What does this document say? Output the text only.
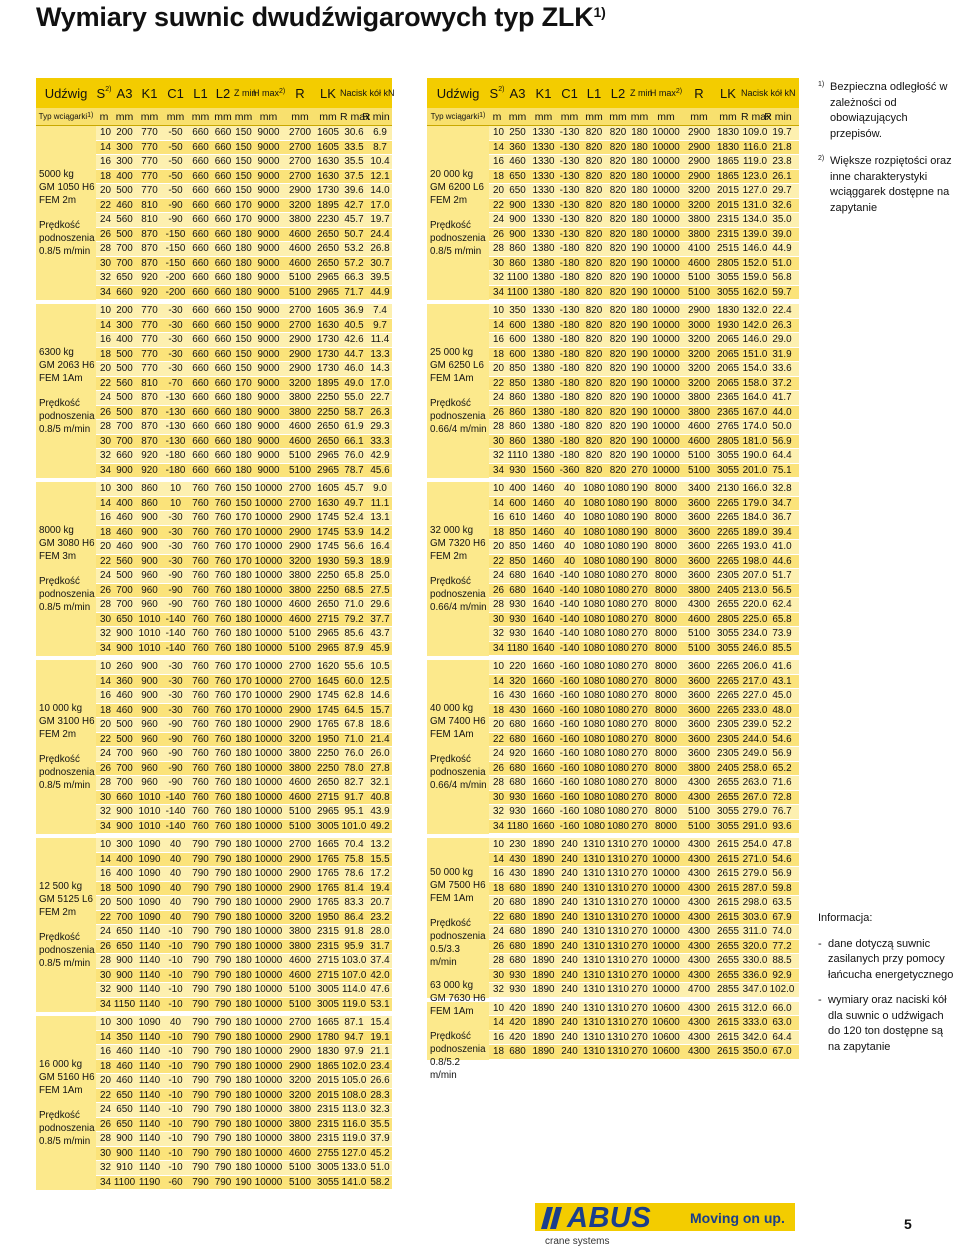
Wymiary suwnic dwudźwigarowych typ ZLK$^{1)}$
Udźwig $S^{2)}$ A3 K1 C1 L1 L2 Z min
H $\max^{2)} R$	LK Nacisk kół kN
Typ wciągarki$^{1)}$ m mm mm mm mm mm mm mm	mm	mm R max
R min
5000 kg
GM 1050 H6
FEM 2m
Prędkość podnoszenia
0.8/5 m/min
10 200 770	-50 660 660 150 9000 2700 1605 30.6 6.9
14 300 770	-50 660 660 150 9000 2700 1605 33.5 8.7
16 300 770	-50 660 660 150 9000 2700 1630 35.5 10.4
18 400 770	-50 660 660 150 9000 2700 1630 37.5 12.1
20 500 770	-50 660 660 150 9000 2900 1730 39.6 14.0
22 460 810	-90 660 660 170 9000 3200 1895 42.7 17.0
24 560 810	-90 660 660 170 9000 3800 2230 45.7 19.7
26 500 870 -150 660 660 180 9000 4600 2650 50.7 24.4
28 700 870 -150 660 660 180 9000 4600 2650 53.2 26.8
30 700 870 -150 660 660 180 9000 4600 2650 57.2 30.7
32 650 920 -200 660 660 180 9000 5100 2965 66.3 39.5
34 660 920 -200 660 660 180 9000 5100 2965 71.7 44.9
6300 kg
GM 2063 H6
FEM 1Am
Prędkość podnoszenia
0.8/5 m/min
10 200 770	-30 660 660 150 9000 2700 1605 36.9 7.4
14 300 770	-30 660 660 150 9000 2700 1630 40.5 9.7
16 400 770	-30 660 660 150 9000 2900 1730 42.6 11.4
18 500 770	-30 660 660 150 9000 2900 1730 44.7 13.3
20 500 770	-30 660 660 150 9000 2900 1730 46.0 14.3
22 560 810	-70 660 660 170 9000 3200 1895 49.0 17.0
24 500 870 -130 660 660 180 9000 3800 2250 55.0 22.7
26 500 870 -130 660 660 180 9000 3800 2250 58.7 26.3
28 700 870 -130 660 660 180 9000 4600 2650 61.9 29.3
30 700 870 -130 660 660 180 9000 4600 2650 66.1 33.3
32 660 920 -180 660 660 180 9000 5100 2965 76.0 42.9
34 900 920 -180 660 660 180 9000 5100 2965 78.7 45.6
8000 kg
GM 3080 H6
FEM 3m
Prędkość podnoszenia
0.8/5 m/min
10 300 860	10	760 760 150 10000 2700 1605 45.7 9.0
14 400 860	10	760 760 150 10000 2700 1630 49.7 11.1
16 460 900	-30 760 760 170 10000 2900 1745 52.4 13.1
18 460 900	-30 760 760 170 10000 2900 1745 53.9 14.2
20 460 900	-30 760 760 170 10000 2900 1745 56.6 16.4
22 560 900	-30 760 760 170 10000 3200 1930 59.3 18.9
24 500 960	-90 760 760 180 10000 3800 2250 65.8 25.0
26 700 960	-90 760 760 180 10000 3800 2250 68.5 27.5
28 700 960	-90 760 760 180 10000 4600 2650 71.0 29.6
30 650 1010 -140 760 760 180 10000 4600 2715 79.2 37.7
32 900 1010 -140 760 760 180 10000 5100 2965 85.6 43.7
34 900 1010 -140 760 760 180 10000 5100 2965 87.9 45.9
10 000 kg
GM 3100 H6
FEM 2m
Prędkość podnoszenia
0.8/5 m/min
10 260 900	-30 760 760 170 10000 2700 1620 55.6 10.5
14 360 900	-30 760 760 170 10000 2700 1645 60.0 12.5
16 460 900	-30 760 760 170 10000 2900 1745 62.8 14.6
18 460 900	-30 760 760 170 10000 2900 1745 64.5 15.7
20 500 960	-90 760 760 180 10000 2900 1765 67.8 18.6
22 500 960	-90 760 760 180 10000 3200 1950 71.0 21.4
24 700 960	-90 760 760 180 10000 3800 2250 76.0 26.0
26 700 960	-90 760 760 180 10000 3800 2250 78.0 27.8
28 700 960	-90 760 760 180 10000 4600 2650 82.7 32.1
30 660 1010 -140 760 760 180 10000 4600 2715 91.7 40.8
32 900 1010 -140 760 760 180 10000 5100 2965 95.1 43.9
34 900 1010 -140 760 760 180 10000 5100 3005 101.0 49.2
12 500 kg
GM 5125 L6
FEM 2m
Prędkość podnoszenia
0.8/5 m/min
10 300 1090 40	790 790 180 10000 2700 1665 70.4 13.2
14 400 1090 40	790 790 180 10000 2900 1765 75.8 15.5
16 400 1090 40	790 790 180 10000 2900 1765 78.6 17.2
18 500 1090 40	790 790 180 10000 2900 1765 81.4 19.4
20 500 1090 40	790 790 180 10000 2900 1765 83.3 20.7
22 700 1090 40	790 790 180 10000 3200 1950 86.4 23.2
24 650 1140 -10 790 790 180 10000 3800 2315 91.8 28.0
26 650 1140 -10 790 790 180 10000 3800 2315 95.9 31.7
28 900 1140 -10 790 790 180 10000 4600 2715 103.0 37.4
30 900 1140 -10 790 790 180 10000 4600 2715 107.0 42.0
32 900 1140 -10 790 790 180 10000 5100 3005 114.0 47.6
34 1150 1140 -10 790 790 180 10000 5100 3005 119.0 53.1
16 000 kg
GM 5160 H6
FEM 1Am
Prędkość podnoszenia
0.8/5 m/min
10 300 1090 40	790 790 180 10000 2700 1665 87.1 15.4
14 350 1140 -10 790 790 180 10000 2900 1780 94.7 19.1
16 460 1140 -10 790 790 180 10000 2900 1830 97.9 21.1
18 460 1140 -10 790 790 180 10000 2900 1865 102.0 23.4
20 460 1140 -10 790 790 180 10000 3200 2015 105.0 26.6
22 650 1140 -10 790 790 180 10000 3200 2015 108.0 28.3
24 650 1140 -10 790 790 180 10000 3800 2315 113.0 32.3
26 650 1140 -10 790 790 180 10000 3800 2315 116.0 35.5
28 900 1140 -10 790 790 180 10000 3800 2315 119.0 37.9
30 900 1140 -10 790 790 180 10000 4600 2755 127.0 45.2
32 910 1140 -10 790 790 180 10000 5100 3005 133.0 51.0
34 1100 1190 -60 790 790 190 10000 5100 3055 141.0 58.2
Udźwig $S^{2)}$ A3 K1 C1 L1 L2 Z min
H $\max^{2)} R$	LK Nacisk kół kN
Typ wciągarki$^{1)}$ m mm mm mm mm mm mm mm	mm	mm R max
R min
20 000 kg
GM 6200 L6
FEM 2m
Prędkość podnoszenia
0.8/5 m/min
10 250 1330 -130 820 820 180 10000 2900 1830 109.0 19.7
14 360 1330 -130 820 820 180 10000 2900 1830 116.0 21.8
16 460 1330 -130 820 820 180 10000 2900 1865 119.0 23.8
18 650 1330 -130 820 820 180 10000 2900 1865 123.0 26.1
20 650 1330 -130 820 820 180 10000 3200 2015 127.0 29.7
22 900 1330 -130 820 820 180 10000 3200 2015 131.0 32.6
24 900 1330 -130 820 820 180 10000 3800 2315 134.0 35.0
26 900 1330 -130 820 820 180 10000 3800 2315 139.0 39.0
28 860 1380 -180 820 820 190 10000 4100 2515 146.0 44.9
30 860 1380 -180 820 820 190 10000 4600 2805 152.0 51.0
32 1100 1380 -180 820 820 190 10000 5100 3055 159.0 56.8
34 1100 1380 -180 820 820 190 10000 5100 3055 162.0 59.7
25 000 kg
GM 6250 L6
FEM 1Am
Prędkość podnoszenia
0.66/4 m/min
10 350 1330 -130 820 820 180 10000 2900 1830 132.0 22.4
14 600 1380 -180 820 820 190 10000 3000 1930 142.0 26.3
16 600 1380 -180 820 820 190 10000 3200 2065 146.0 29.0
18 600 1380 -180 820 820 190 10000 3200 2065 151.0 31.9
20 850 1380 -180 820 820 190 10000 3200 2065 154.0 33.6
22 850 1380 -180 820 820 190 10000 3200 2065 158.0 37.2
24 860 1380 -180 820 820 190 10000 3800 2365 164.0 41.7
26 860 1380 -180 820 820 190 10000 3800 2365 167.0 44.0
28 860 1380 -180 820 820 190 10000 4600 2765 174.0 50.0
30 860 1380 -180 820 820 190 10000 4600 2805 181.0 56.9
32 1110 1380 -180 820 820 190 10000 5100 3055 190.0 64.4
34 930 1560 -360 820 820 270 10000 5100 3055 201.0 75.1
32 000 kg
GM 7320 H6
FEM 2m
Prędkość podnoszenia
0.66/4 m/min
10 400 1460 40 1080 1080 190 8000	3400 2130 166.0 32.8
14 600 1460 40 1080 1080 190 8000	3600 2265 179.0 34.7
16 610 1460 40 1080 1080 190 8000	3600 2265 184.0 36.7
18 850 1460 40 1080 1080 190 8000	3600 2265 189.0 39.4
20 850 1460 40 1080 1080 190 8000	3600 2265 193.0 41.0
22 850 1460 40 1080 1080 190 8000	3600 2265 198.0 44.6
24 680 1640 -140 1080 1080 270 8000	3600 2305 207.0 51.7
26 680 1640 -140 1080 1080 270 8000	3800 2405 213.0 56.5
28 930 1640 -140 1080 1080 270 8000	4300 2655 220.0 62.4
30 930 1640 -140 1080 1080 270 8000	4600 2805 225.0 65.8
32 930 1640 -140 1080 1080 270 8000	5100 3055 234.0 73.9
34 1180 1640 -140 1080 1080 270 8000	5100 3055 246.0 85.5
40 000 kg
GM 7400 H6
FEM 1Am
Prędkość podnoszenia
0.66/4 m/min
10 220 1660 -160 1080 1080 270 8000	3600 2265 206.0 41.6
14 320 1660 -160 1080 1080 270 8000	3600 2265 217.0 43.1
16 430 1660 -160 1080 1080 270 8000	3600 2265 227.0 45.0
18 430 1660 -160 1080 1080 270 8000	3600 2265 233.0 48.0
20 680 1660 -160 1080 1080 270 8000	3600 2305 239.0 52.2
22 680 1660 -160 1080 1080 270 8000	3600 2305 244.0 54.6
24 920 1660 -160 1080 1080 270 8000	3600 2305 249.0 56.9
26 680 1660 -160 1080 1080 270 8000	3800 2405 258.0 65.2
28 680 1660 -160 1080 1080 270 8000	4300 2655 263.0 71.6
30 930 1660 -160 1080 1080 270 8000	4300 2655 267.0 72.8
32 930 1660 -160 1080 1080 270 8000	5100 3055 279.0 76.7
34 1180 1660 -160 1080 1080 270 8000	5100 3055 291.0 93.6
50 000 kg
GM 7500 H6
FEM 1Am
Prędkość podnoszenia
0.5/3.3 m/min
10 230 1890 240 1310 1310 270 10000 4300 2615 254.0 47.8
14 430 1890 240 1310 1310 270 10000 4300 2615 271.0 54.6
16 430 1890 240 1310 1310 270 10000 4300 2615 279.0 56.9
18 680 1890 240 1310 1310 270 10000 4300 2615 287.0 59.8
20 680 1890 240 1310 1310 270 10000 4300 2615 298.0 63.5
22 680 1890 240 1310 1310 270 10000 4300 2615 303.0 67.9
24 680 1890 240 1310 1310 270 10000 4300 2655 311.0 74.0
26 680 1890 240 1310 1310 270 10000 4300 2655 320.0 77.2
28 680 1890 240 1310 1310 270 10000 4300 2655 330.0 88.5
30 930 1890 240 1310 1310 270 10000 4300 2655 336.0 92.9
32 930 1890 240 1310 1310 270 10000 4700 2855 347.0 102.0
63 000 kg
GM 7630 H6
FEM 1Am
Prędkość podnoszenia
0.8/5.2 m/min
10 420 1890 240 1310 1310 270 10600 4300 2615 312.0 66.0
14 420 1890 240 1310 1310 270 10600 4300 2615 333.0 63.0
16 420 1890 240 1310 1310 270 10600 4300 2615 342.0 64.4
18 680 1890 240 1310 1310 270 10600 4300 2615 350.0 67.0
1) Bezpieczna odległość w zależności od obowiązujących przepisów.
2) Większe rozpiętości oraz inne charakterystyki wciąggarek dostępne na zapytanie
Informacja:
- dane dotyczą suwnic zasilanych przy pomocy łańcucha energetycznego
- wymiary oraz naciski kół dla suwnic o udźwigach do 120 ton dostępne są na zapytanie
ABUS	Moving on up.
crane systems
5
